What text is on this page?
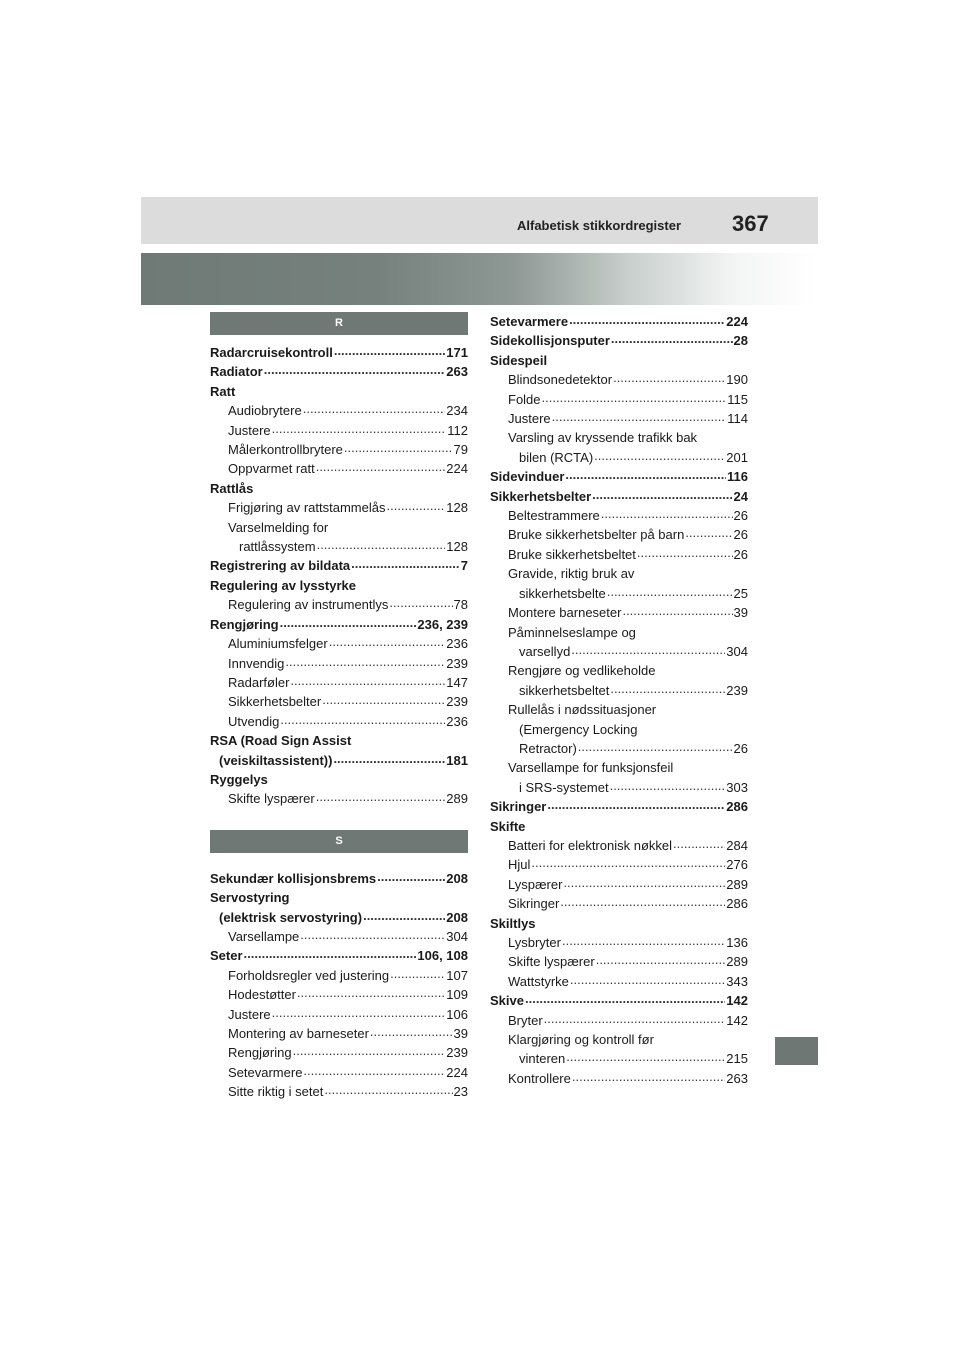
Alfabetisk stikkordregister 367
R
Radarcruisekontroll .....	171
Radiator .....	263
Ratt
Audiobrytere .....	234
Justere .....	112
Målerkontrollbrytere .....	79
Oppvarmet ratt .....	224
Rattlås
Frigjøring av rattstammelås .....	128
Varselmelding for
rattlåssystem .....	128
Registrering av bildata .....	7
Regulering av lysstyrke
Regulering av instrumentlys .....	78
Rengjøring .....	236, 239
Aluminiumsfelger .....	236
Innvendig .....	239
Radarføler .....	147
Sikkerhetsbelter .....	239
Utvendig .....	236
RSA (Road Sign Assist
(veiskiltassistent)) .....	181
Ryggelys
Skifte lyspærer .....	289
S
Sekundær kollisjonsbrems .....	208
Servostyring
(elektrisk servostyring) .....	208
Varsellampe .....	304
Seter .....	106, 108
Forholdsregler ved justering .....	107
Hodestøtter .....	109
Justere .....	106
Montering av barneseter .....	39
Rengjøring .....	239
Setevarmere .....	224
Sitte riktig i setet .....	23
Setevarmere .....	224
Sidekollisjonsputer .....	28
Sidespeil
Blindsonedetektor .....	190
Folde .....	115
Justere .....	114
Varsling av kryssende trafikk bak
bilen (RCTA) .....	201
Sidevinduer .....	116
Sikkerhetsbelter .....	24
Beltestrammere .....	26
Bruke sikkerhetsbelter på barn .....	26
Bruke sikkerhetsbeltet .....	26
Gravide, riktig bruk av
sikkerhetsbelte .....	25
Montere barneseter .....	39
Påminnelseslampe og
varsellyd .....	304
Rengjøre og vedlikeholde
sikkerhetsbeltet .....	239
Rullelås i nødssituasjoner
(Emergency Locking
Retractor) .....	26
Varsellampe for funksjonsfeil
i SRS-systemet .....	303
Sikringer .....	286
Skifte
Batteri for elektronisk nøkkel .....	284
Hjul .....	276
Lyspærer .....	289
Sikringer .....	286
Skiltlys
Lysbryter .....	136
Skifte lyspærer .....	289
Wattstyrke .....	343
Skive .....	142
Bryter .....	142
Klargjøring og kontroll før
vinteren .....	215
Kontrollere .....	263
